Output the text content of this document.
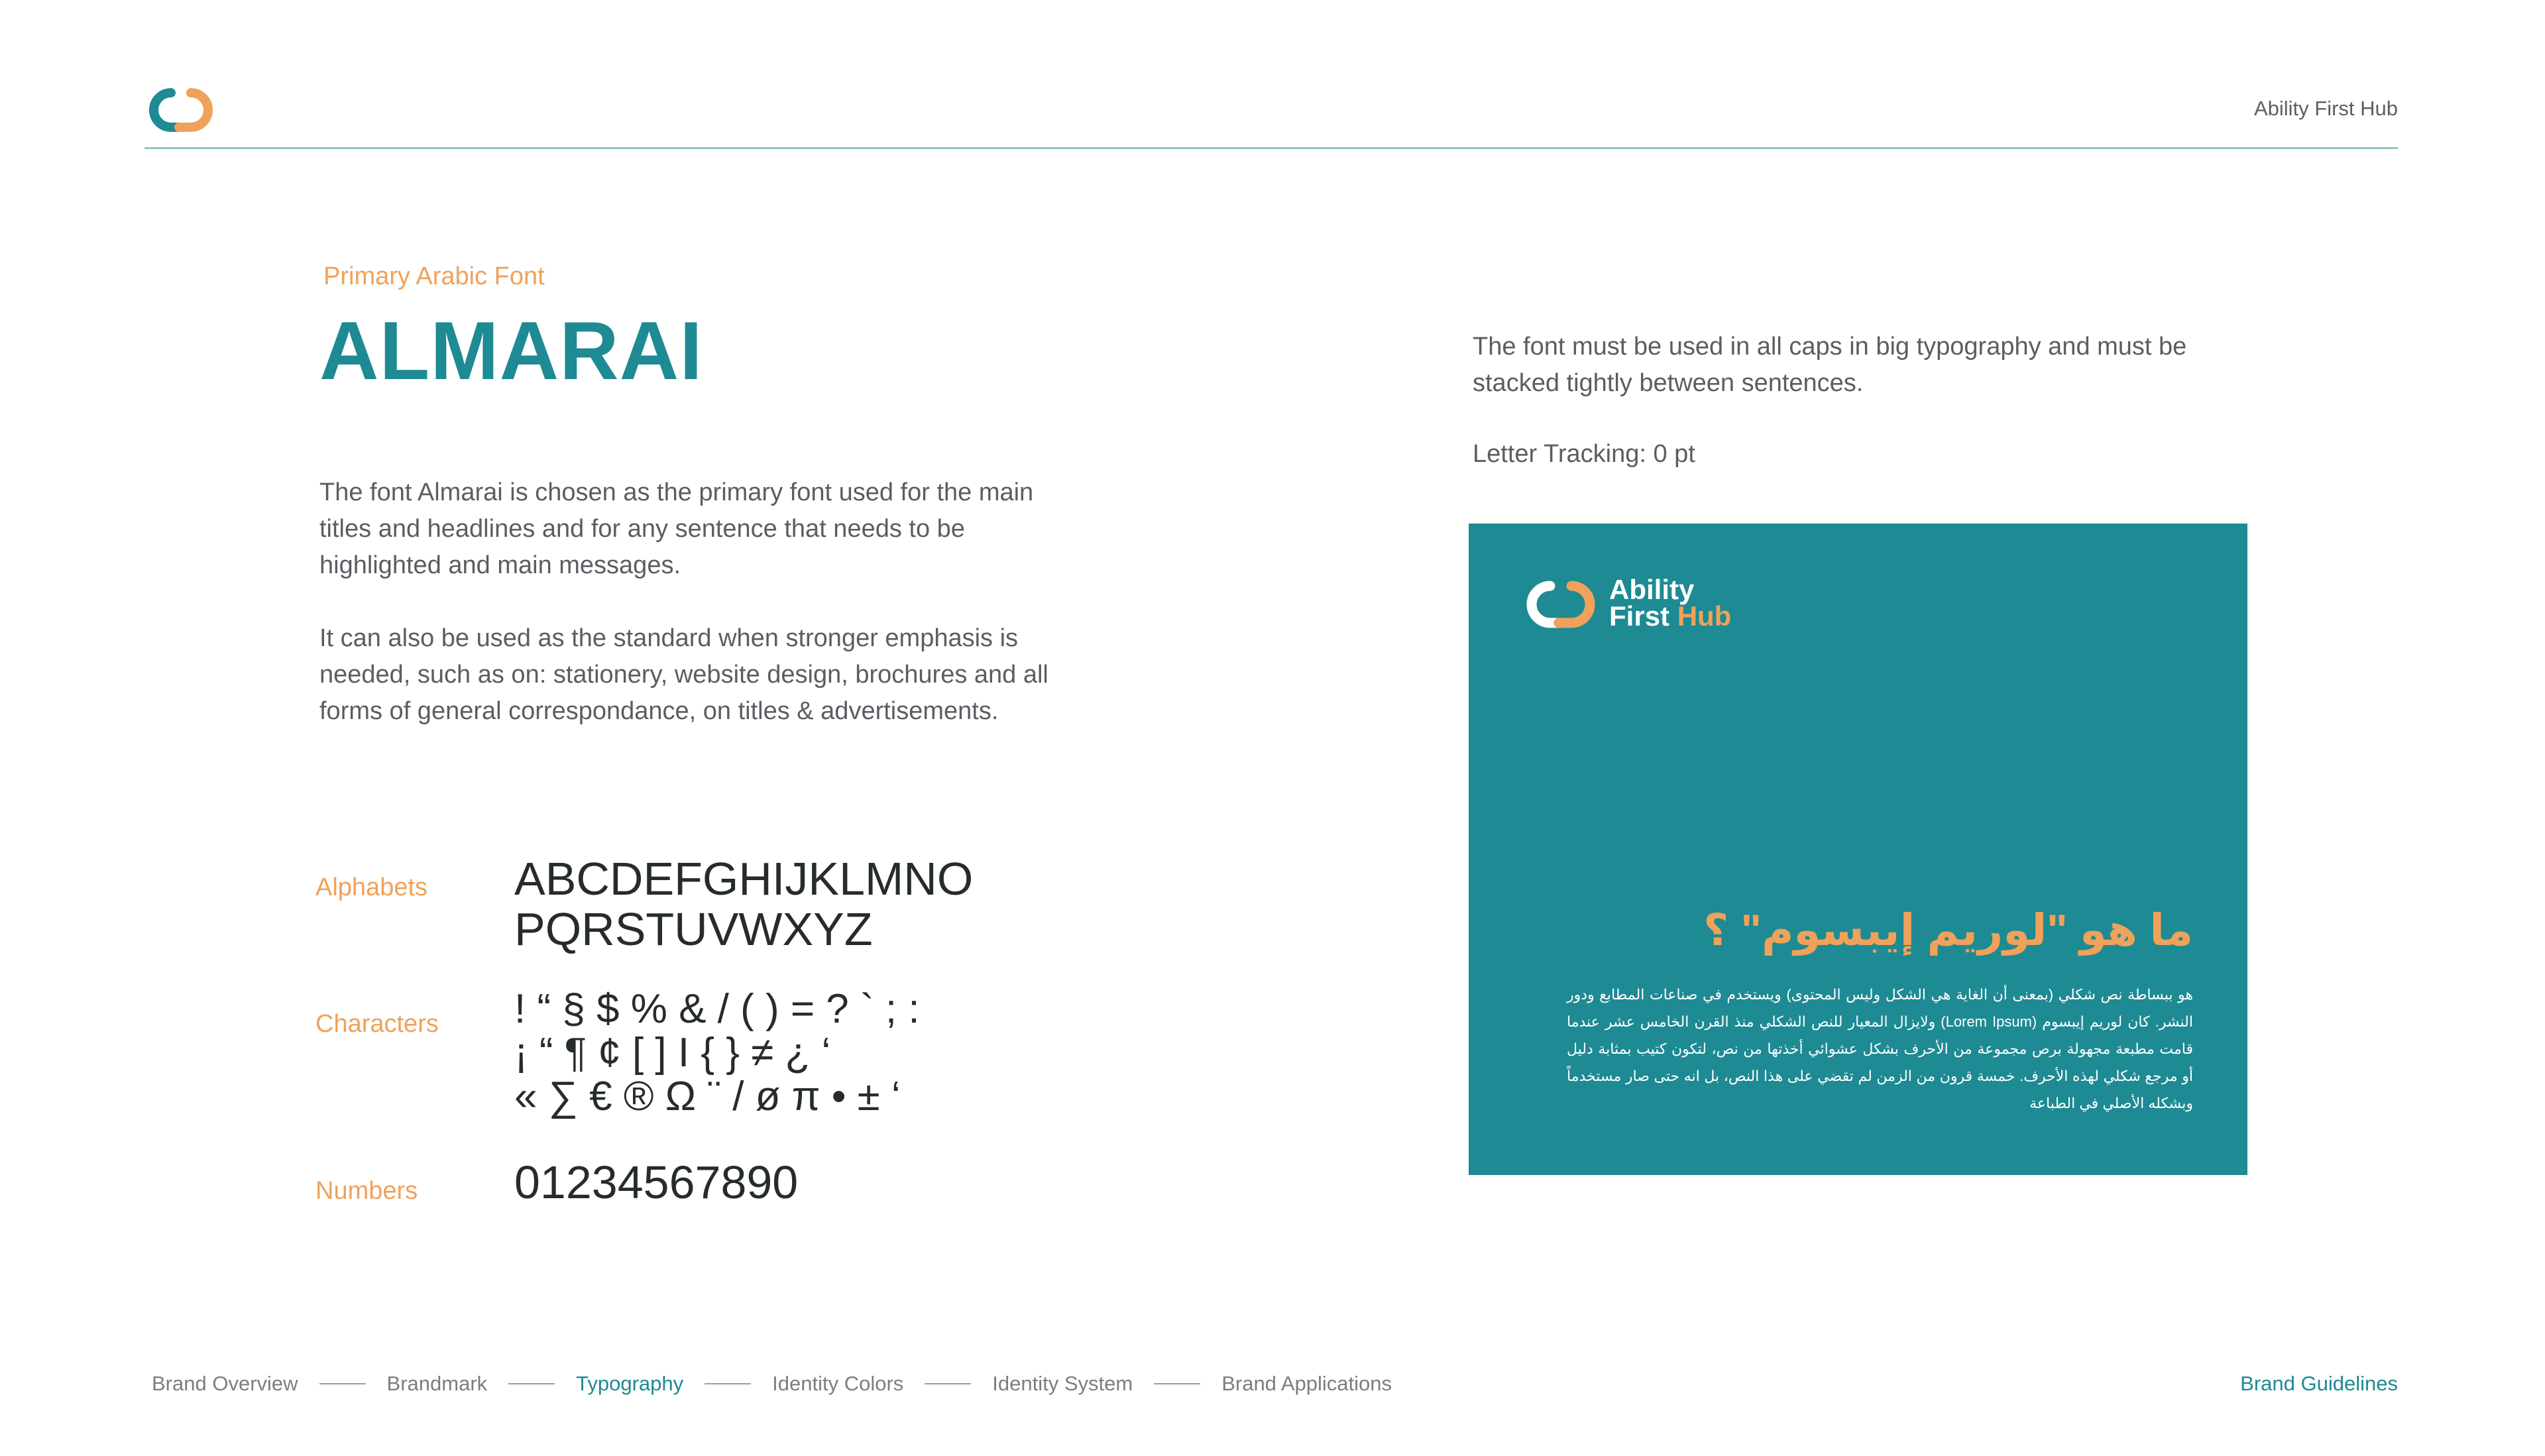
Ability First Hub
Primary Arabic Font
ALMARAI
The font Almarai is chosen as the primary font used for the main titles and headlines and for any sentence that needs to be highlighted and main messages.
It can also be used as the standard when stronger emphasis is needed, such as on: stationery, website design, brochures and all forms of general correspondance, on titles & advertisements.
Alphabets ABCDEFGHIJKLMNO
PQRSTUVWXYZ
Characters ! “ § $ % & / ( ) = ? ` ; :
¡ “ ¶ ¢ [ ] I { } ≠ ¿ ‘
« ∑ € ® Ω ¨ / ø π • ± ‘
Numbers 01234567890
The font must be used in all caps in big typography and must be stacked tightly between sentences.
Letter Tracking: 0 pt
Ability
First Hub
ما هو "لوريم إيبسوم" ؟
هو ببساطة نص شكلي (بمعنى أن الغاية هي الشكل وليس المحتوى) ويستخدم في صناعات المطابع ودور النشر. كان لوريم إيبسوم (Lorem Ipsum) ولايزال المعيار للنص الشكلي منذ القرن الخامس عشر عندما قامت مطبعة مجهولة برص مجموعة من الأحرف بشكل عشوائي أخذتها من نص، لتكون كتيب بمثابة دليل أو مرجع شكلي لهذه الأحرف. خمسة قرون من الزمن لم تقضي على هذا النص، بل انه حتى صار مستخدماً وبشكله الأصلي في الطباعة
Brand Overview	Brandmark	Typography	Identity Colors	Identity System	Brand Applications	Brand Guidelines
